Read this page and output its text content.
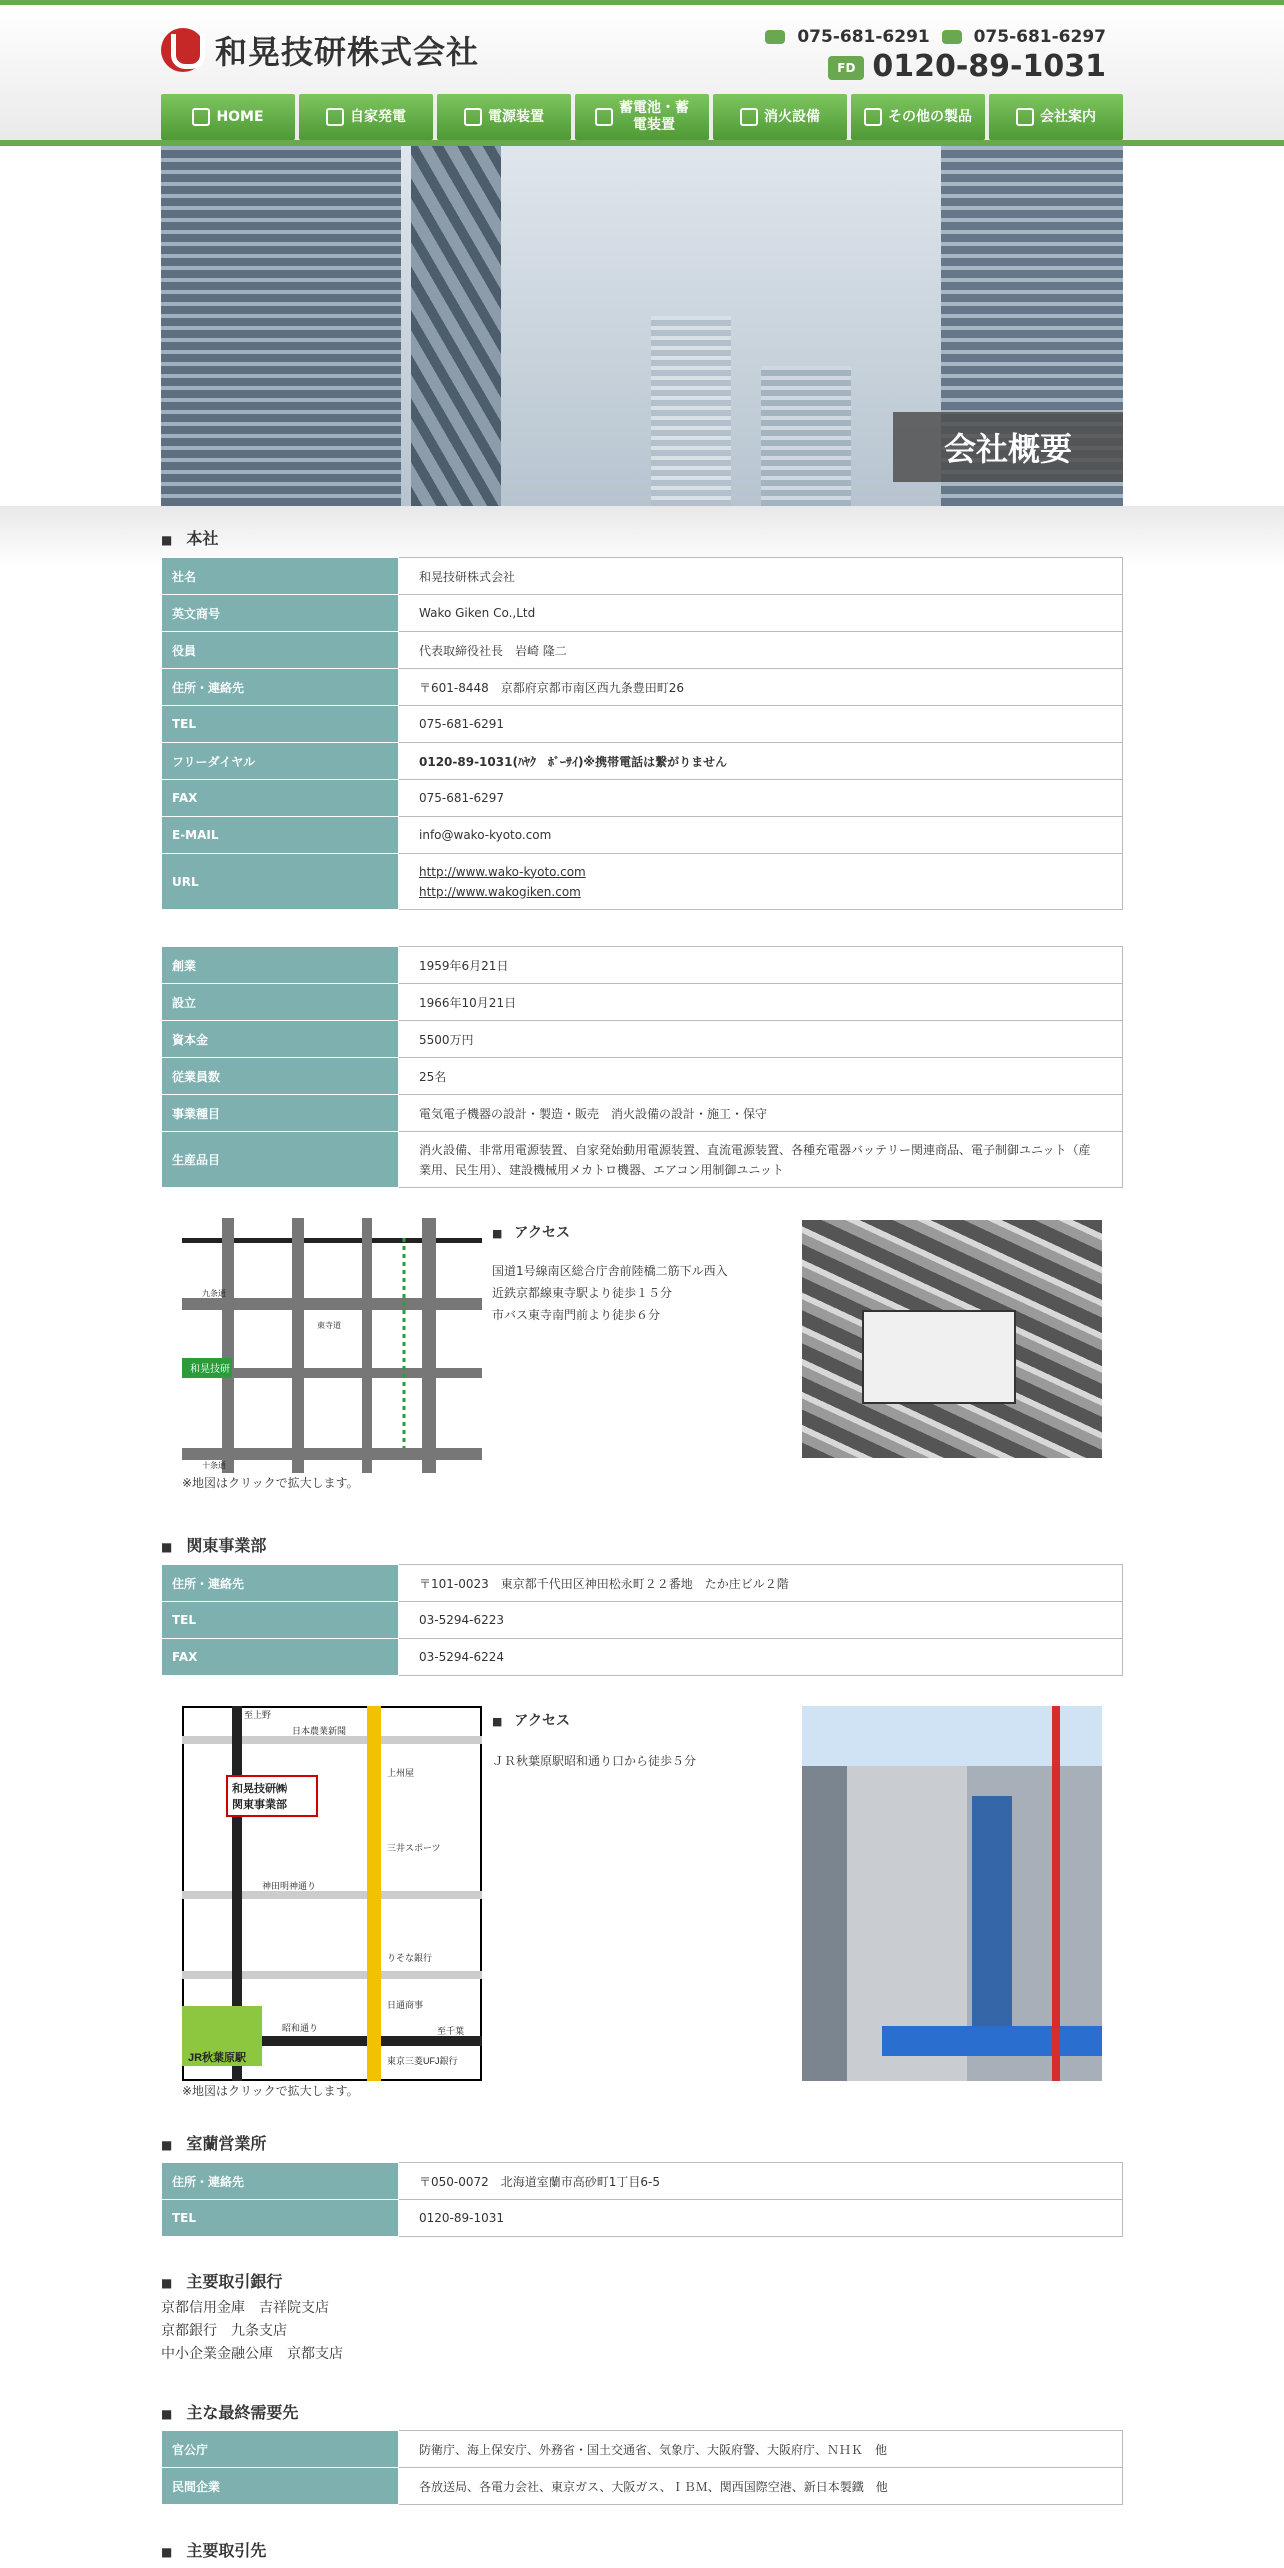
和晃技研株式会社	075-681-6291	075-681-6297
FD 0120-89-1031
HOME	自家発電	電源装置
蓄電池・蓄電装置
消火設備	その他の製品	会社案内
会社概要
■ 本社
社名	和晃技研株式会社
英文商号	Wako Giken Co.,Ltd
役員	代表取締役社長　岩崎 隆二
住所・連絡先	〒601-8448　京都府京都市南区西九条豊田町26
TEL	075-681-6291
フリーダイヤル	0120-89-1031(ﾊﾔｸ　ﾎﾞｰｻｲ)※携帯電話は繋がりません
FAX	075-681-6297
E-MAIL	info@wako-kyoto.com
URL	http://www.wako-kyoto.com
http://www.wakogiken.com
創業	1959年6月21日
設立	1966年10月21日
資本金	5500万円
従業員数	25名
事業種目	電気電子機器の設計・製造・販売　消火設備の設計・施工・保守
生産品目	消火設備、非常用電源装置、自家発始動用電源装置、直流電源装置、各種充電器バッテリー関連商品、電子制御ユニット（産業用、民生用）、建設機械用メカトロ機器、エアコン用制御ユニット
和晃技研
十条通
九条通
東寺道
※地図はクリックで拡大します。
■ アクセス
国道1号線南区総合庁舎前陸橋二筋下ル西入
近鉄京都線東寺駅より徒歩１５分
市バス東寺南門前より徒歩６分
■ 関東事業部
住所・連絡先	〒101-0023　東京都千代田区神田松永町２２番地　たか庄ビル２階
TEL	03-5294-6223
FAX	03-5294-6224
和晃技研㈱
関東事業部
JR秋葉原駅
昭和通り
日本農業新聞
上州屋
三井スポーツ
りそな銀行
日通商事
東京三菱UFJ銀行
神田明神通り
至上野
至千葉
※地図はクリックで拡大します。
■ アクセス
ＪＲ秋葉原駅昭和通り口から徒歩５分
■ 室蘭営業所
住所・連絡先	〒050-0072　北海道室蘭市高砂町1丁目6-5
TEL	0120-89-1031
■ 主要取引銀行
京都信用金庫　吉祥院支店
京都銀行　九条支店
中小企業金融公庫　京都支店
■ 主な最終需要先
官公庁	防衛庁、海上保安庁、外務省・国土交通省、気象庁、大阪府警、大阪府庁、ＮＨＫ　他
民間企業	各放送局、各電力会社、東京ガス、大阪ガス、ＩＢＭ、関西国際空港、新日本製鐵　他
■ 主要取引先
